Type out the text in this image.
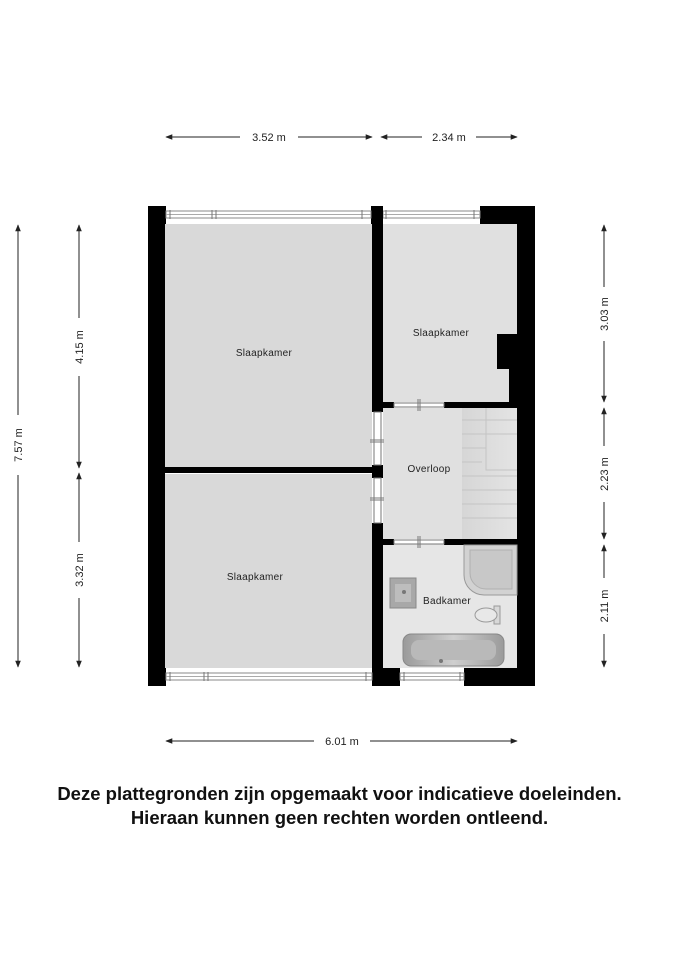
Slaapkamer
Slaapkamer
Slaapkamer
Overloop
Badkamer
3.52 m	2.34 m
6.01 m
7.57 m
4.15 m
3.32 m
3.03 m
2.23 m
2.11 m
Deze plattegronden zijn opgemaakt voor indicatieve doeleinden.
Hieraan kunnen geen rechten worden ontleend.
